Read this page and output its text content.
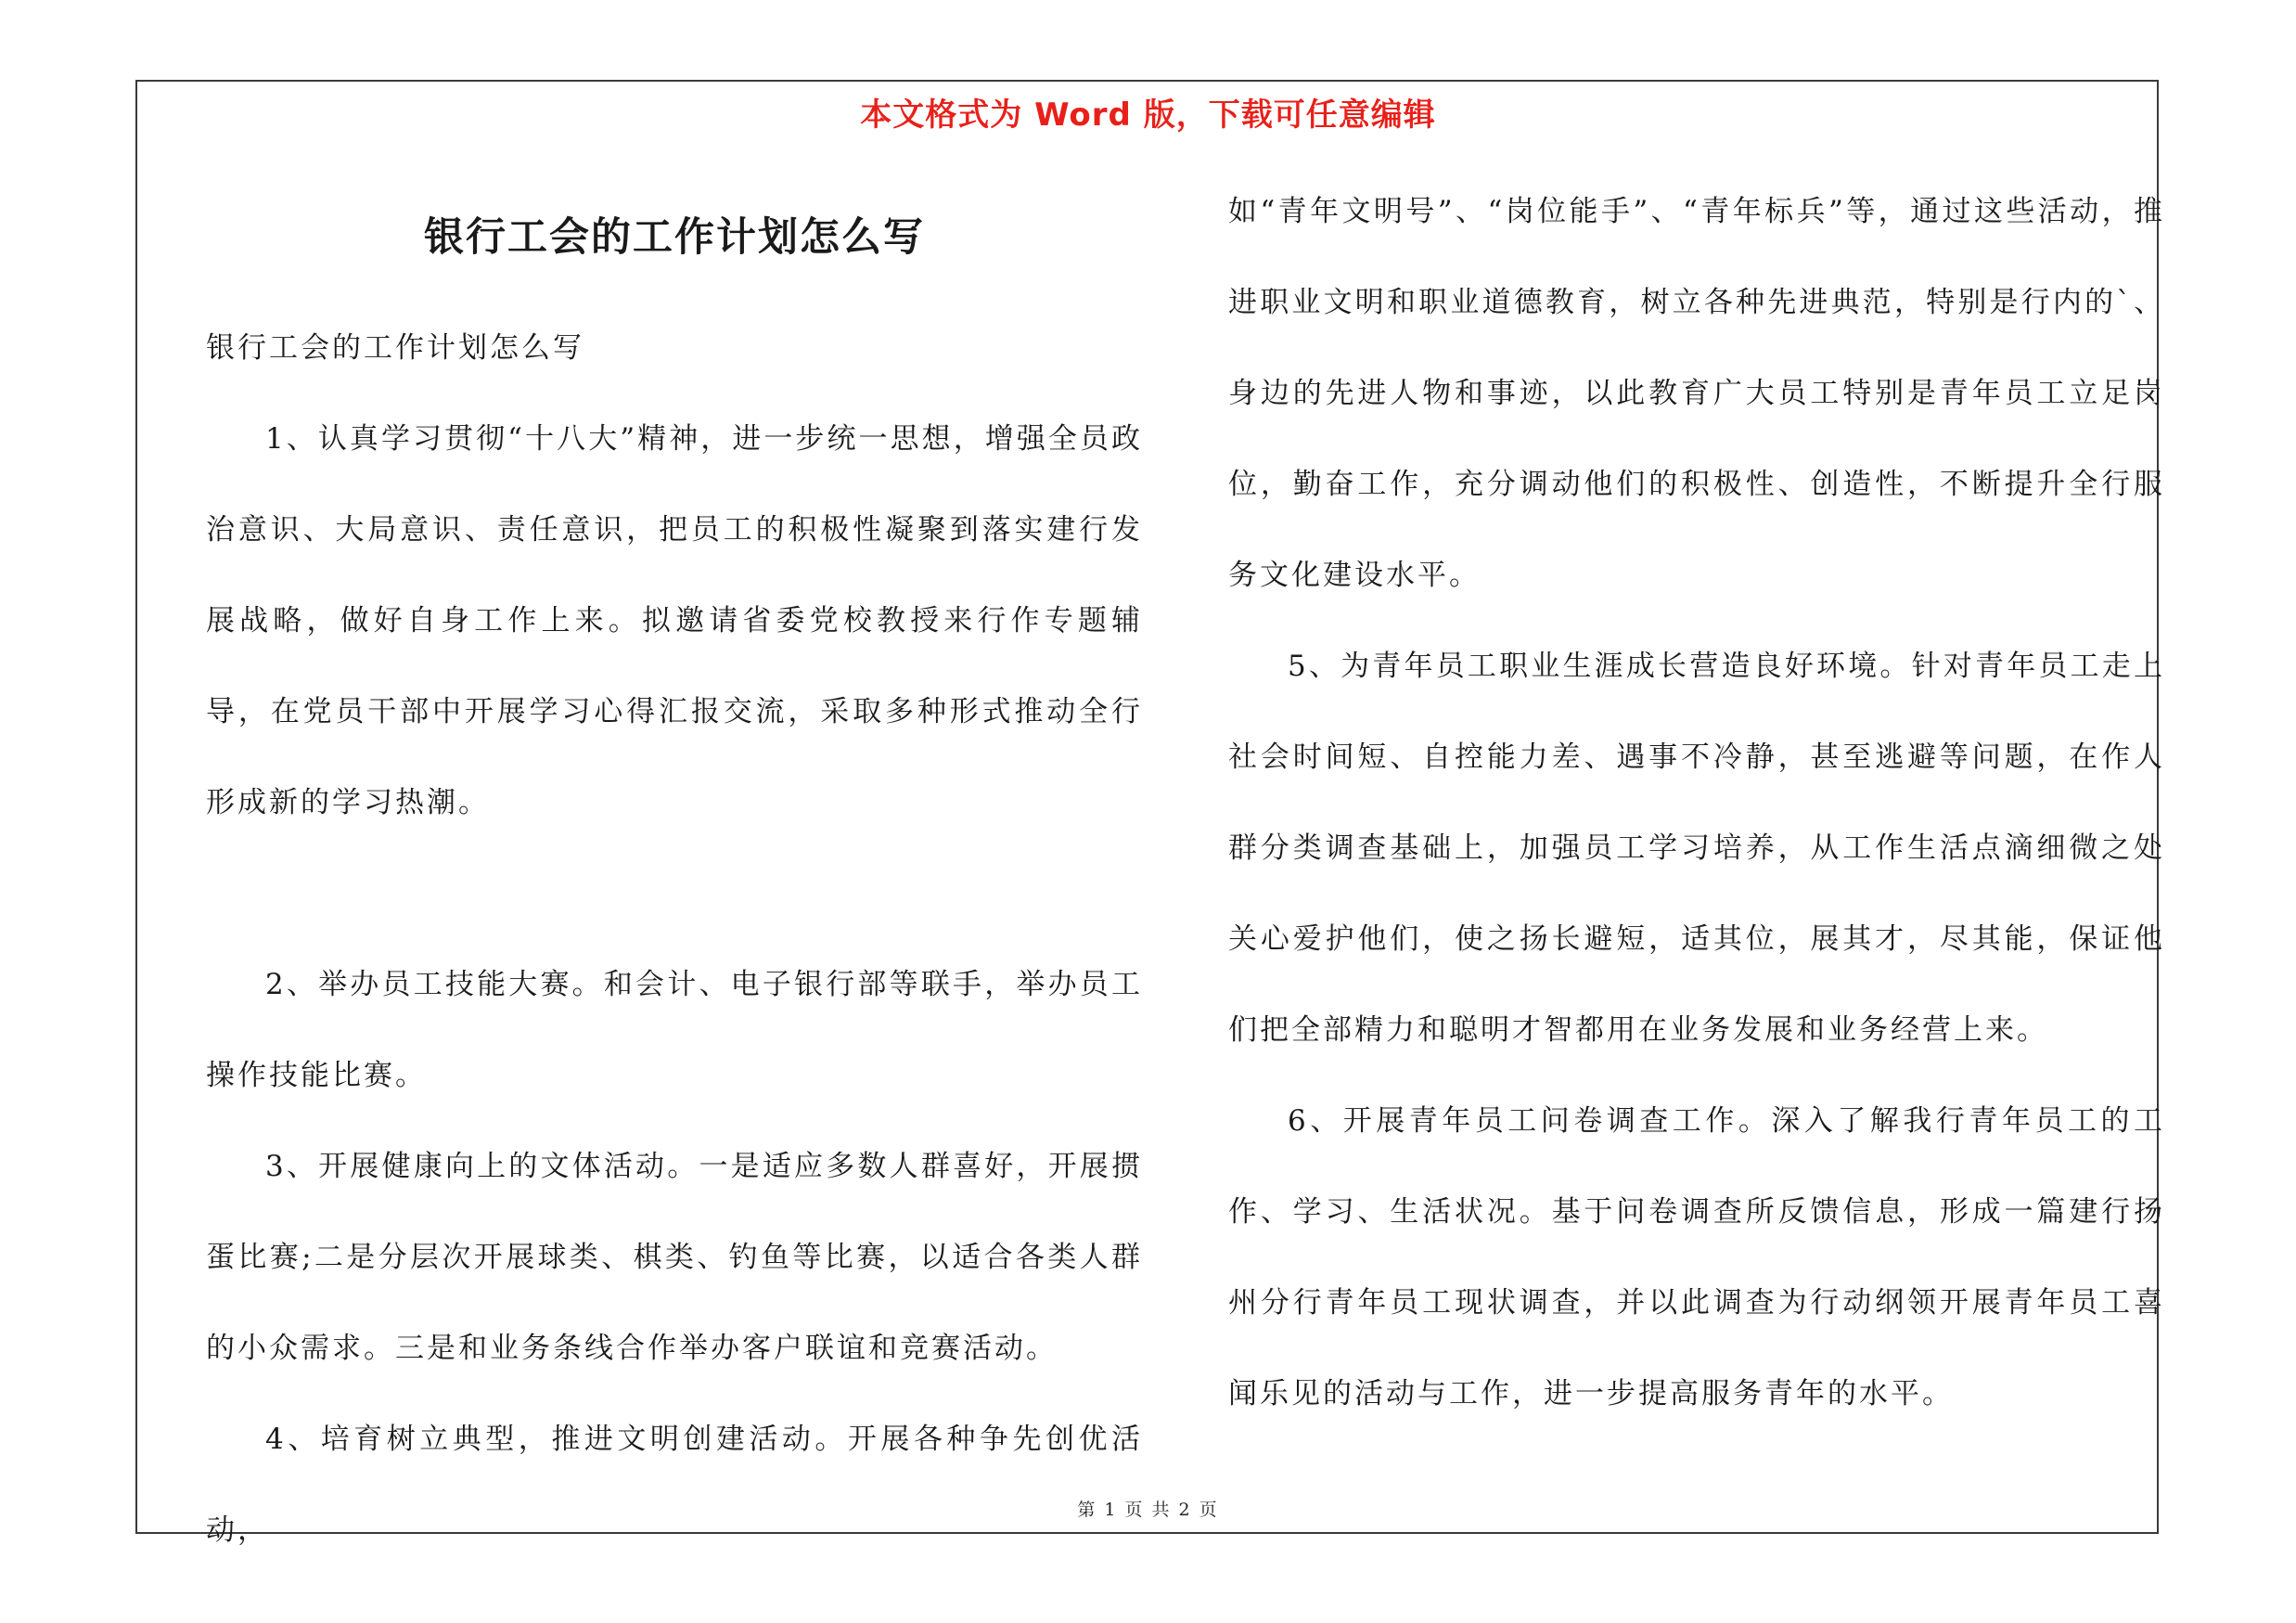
本文格式为 Word 版，下载可任意编辑
银行工会的工作计划怎么写

银行工会的工作计划怎么写

1、认真学习贯彻“十八大”精神，进一步统一思想，增强全员政治意识、大局意识、责任意识，把员工的积极性凝聚到落实建行发展战略，做好自身工作上来。拟邀请省委党校教授来行作专题辅导，在党员干部中开展学习心得汇报交流，采取多种形式推动全行形成新的学习热潮。

2、举办员工技能大赛。和会计、电子银行部等联手，举办员工操作技能比赛。

3、开展健康向上的文体活动。一是适应多数人群喜好，开展掼蛋比赛;二是分层次开展球类、棋类、钓鱼等比赛，以适合各类人群的小众需求。三是和业务条线合作举办客户联谊和竞赛活动。

4、培育树立典型，推进文明创建活动。开展各种争先创优活动，

如“青年文明号”、“岗位能手”、“青年标兵”等，通过这些活动，推进职业文明和职业道德教育，树立各种先进典范，特别是行内的`、身边的先进人物和事迹，以此教育广大员工特别是青年员工立足岗位，勤奋工作，充分调动他们的积极性、创造性，不断提升全行服务文化建设水平。

5、为青年员工职业生涯成长营造良好环境。针对青年员工走上社会时间短、自控能力差、遇事不冷静，甚至逃避等问题，在作人群分类调查基础上，加强员工学习培养，从工作生活点滴细微之处关心爱护他们，使之扬长避短，适其位，展其才，尽其能，保证他们把全部精力和聪明才智都用在业务发展和业务经营上来。

6、开展青年员工问卷调查工作。深入了解我行青年员工的工作、学习、生活状况。基于问卷调查所反馈信息，形成一篇建行扬州分行青年员工现状调查，并以此调查为行动纲领开展青年员工喜闻乐见的活动与工作，进一步提高服务青年的水平。

第 1 页 共 2 页
